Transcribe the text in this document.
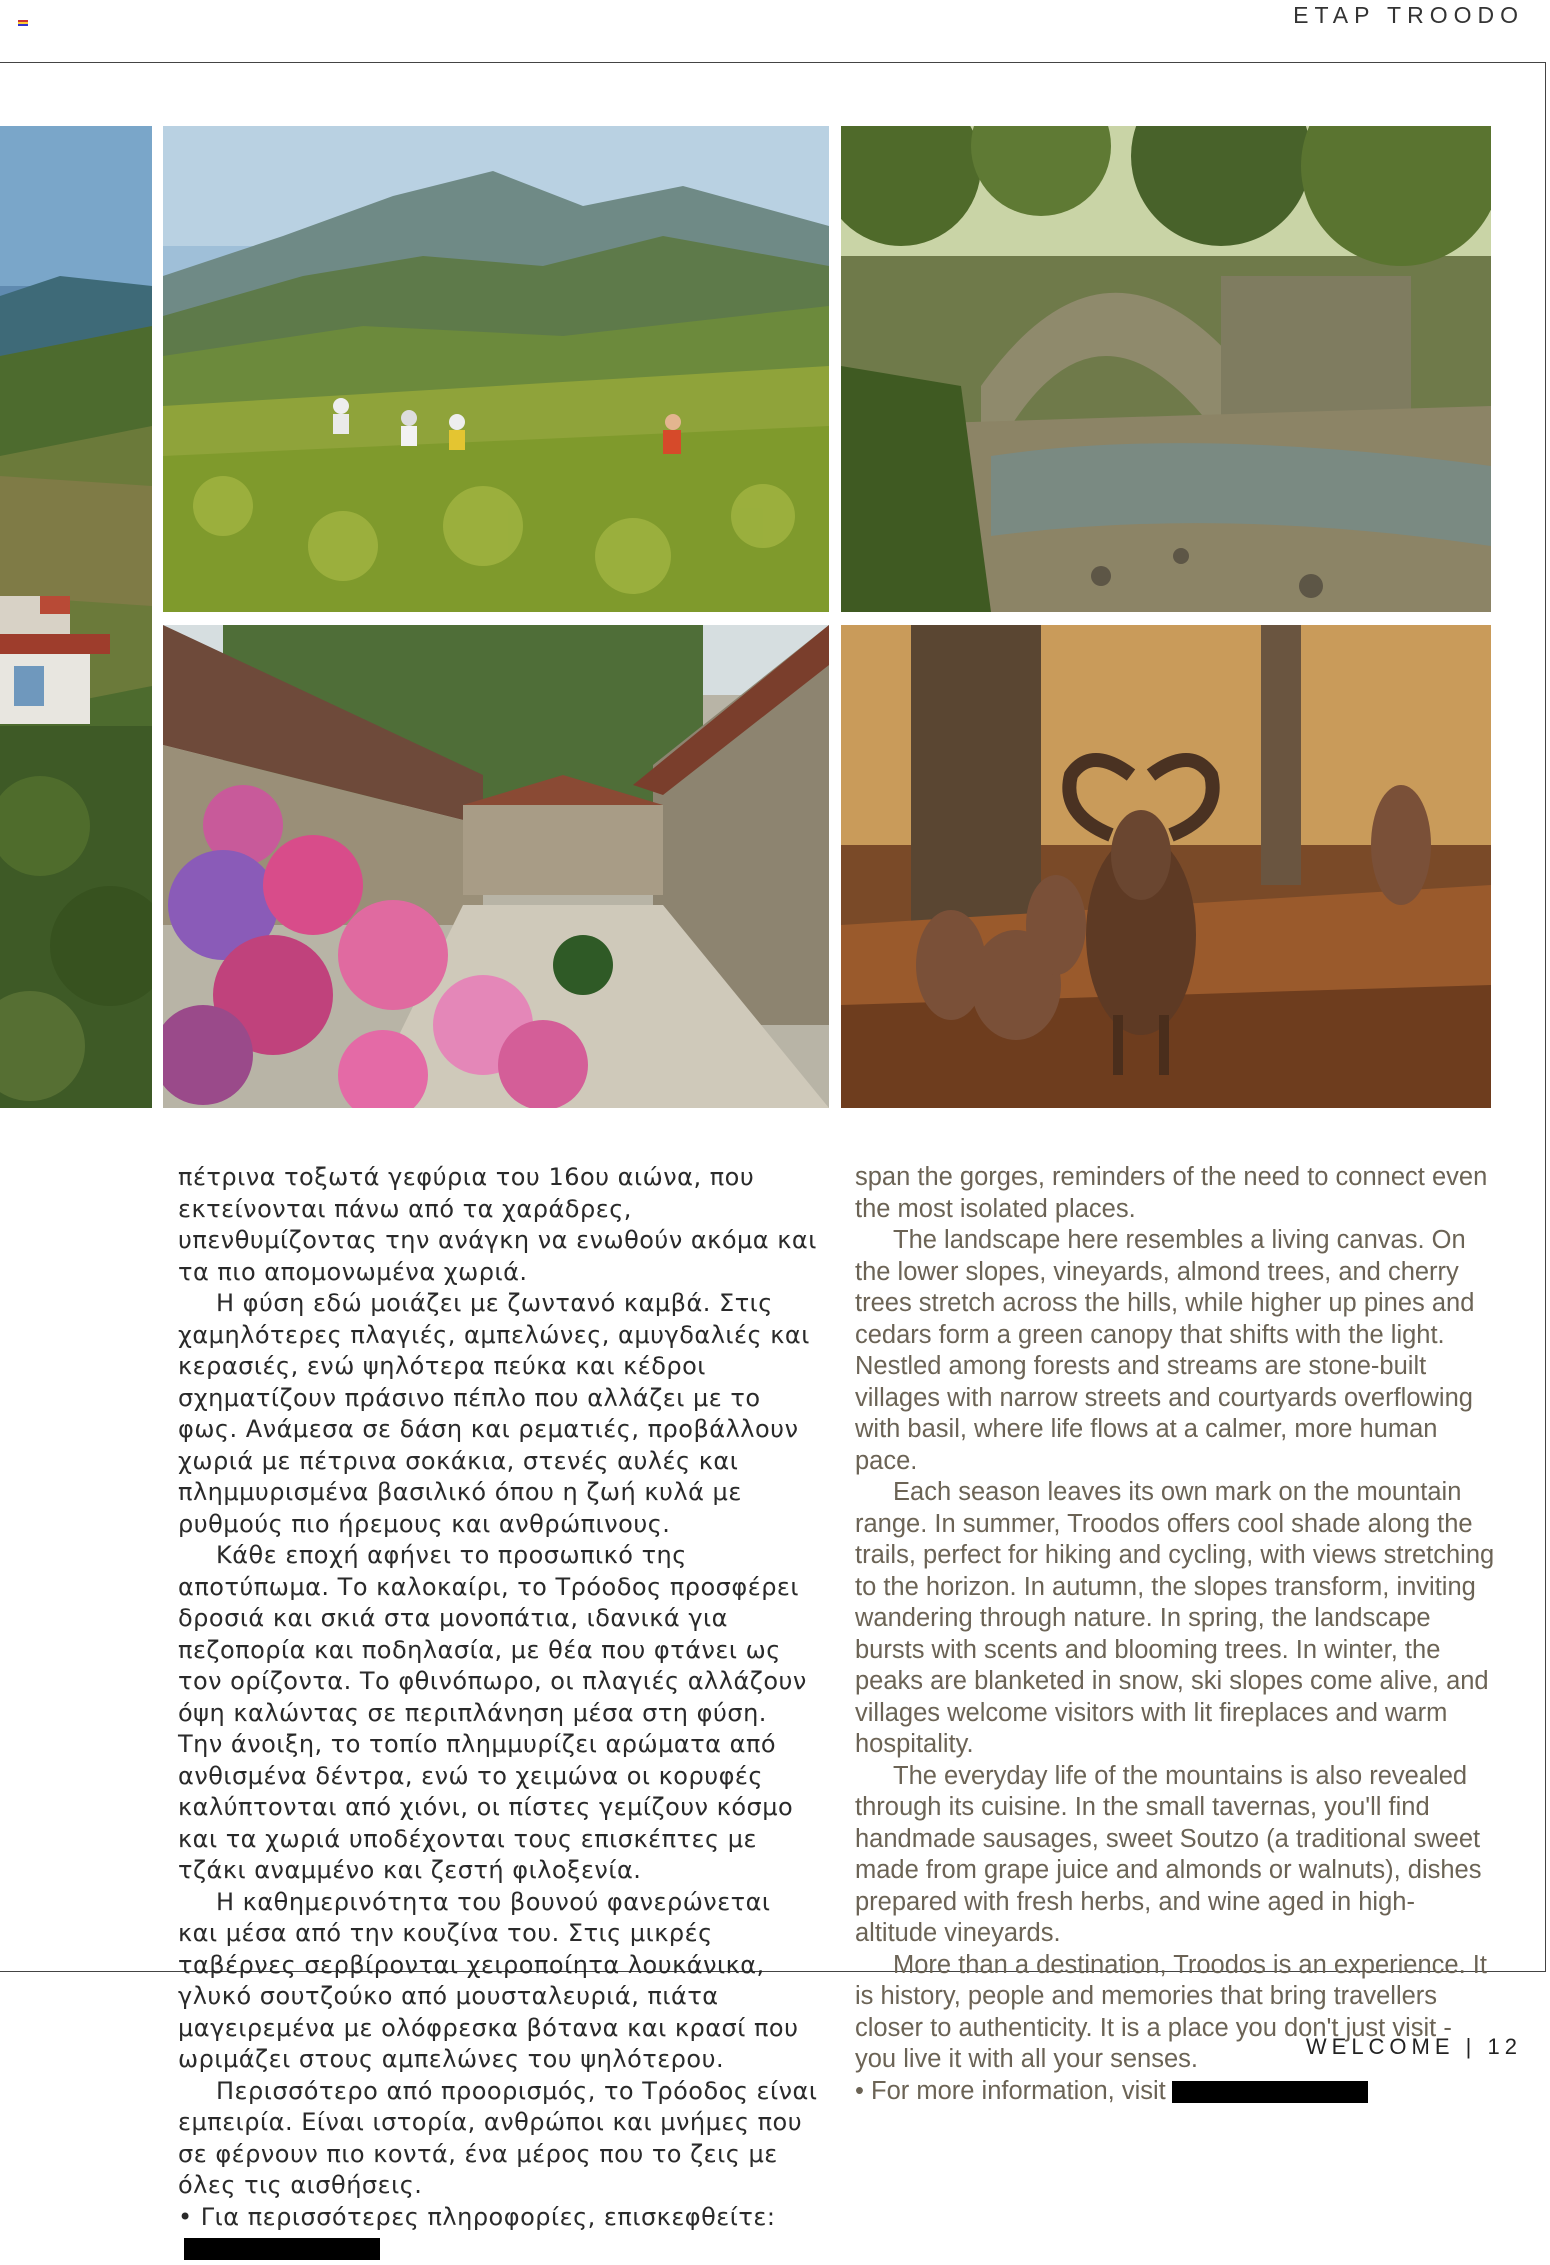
ETAP TROODO

πέτρινα τοξωτά γεφύρια του 16ου αιώνα, που εκτείνονται πάνω από τα χαράδρες, υπενθυμίζοντας την ανάγκη να ενωθούν ακόμα και τα πιο απομονωμένα χωριά.

Η φύση εδώ μοιάζει με ζωντανό καμβά. Στις χαμηλότερες πλαγιές, αμπελώνες, αμυγδαλιές και κερασιές, ενώ ψηλότερα πεύκα και κέδροι σχηματίζουν πράσινο πέπλο που αλλάζει με το φως. Ανάμεσα σε δάση και ρεματιές, προβάλλουν χωριά με πέτρινα σοκάκια, στενές αυλές και πλημμυρισμένα βασιλικό όπου η ζωή κυλά με ρυθμούς πιο ήρεμους και ανθρώπινους.

Κάθε εποχή αφήνει το προσωπικό της αποτύπωμα. Το καλοκαίρι, το Τρόοδος προσφέρει δροσιά και σκιά στα μονοπάτια, ιδανικά για πεζοπορία και ποδηλασία, με θέα που φτάνει ως τον ορίζοντα. Το φθινόπωρο, οι πλαγιές αλλάζουν όψη καλώντας σε περιπλάνηση μέσα στη φύση. Την άνοιξη, το τοπίο πλημμυρίζει αρώματα από ανθισμένα δέντρα, ενώ το χειμώνα οι κορυφές καλύπτονται από χιόνι, οι πίστες γεμίζουν κόσμο και τα χωριά υποδέχονται τους επισκέπτες με τζάκι αναμμένο και ζεστή φιλοξενία.

Η καθημερινότητα του βουνού φανερώνεται και μέσα από την κουζίνα του. Στις μικρές ταβέρνες σερβίρονται χειροποίητα λουκάνικα, γλυκό σουτζούκο από μουσταλευριά, πιάτα μαγειρεμένα με ολόφρεσκα βότανα και κρασί που ωριμάζει στους αμπελώνες του ψηλότερου.

Περισσότερο από προορισμός, το Τρόοδος είναι εμπειρία. Είναι ιστορία, ανθρώποι και μνήμες που σε φέρνουν πιο κοντά, ένα μέρος που το ζεις με όλες τις αισθήσεις.

• Για περισσότερες πληροφορίες, επισκεφθείτε:

span the gorges, reminders of the need to connect even the most isolated places.

The landscape here resembles a living canvas. On the lower slopes, vineyards, almond trees, and cherry trees stretch across the hills, while higher up pines and cedars form a green canopy that shifts with the light. Nestled among forests and streams are stone-built villages with narrow streets and courtyards overflowing with basil, where life flows at a calmer, more human pace.

Each season leaves its own mark on the mountain range. In summer, Troodos offers cool shade along the trails, perfect for hiking and cycling, with views stretching to the horizon. In autumn, the slopes transform, inviting wandering through nature. In spring, the landscape bursts with scents and blooming trees. In winter, the peaks are blanketed in snow, ski slopes come alive, and villages welcome visitors with lit fireplaces and warm hospitality.

The everyday life of the mountains is also revealed through its cuisine. In the small tavernas, you'll find handmade sausages, sweet Soutzo (a traditional sweet made from grape juice and almonds or walnuts), dishes prepared with fresh herbs, and wine aged in high-altitude vineyards.

More than a destination, Troodos is an experience. It is history, people and memories that bring travellers closer to authenticity. It is a place you don't just visit - you live it with all your senses.

• For more information, visit

WELCOME | 12
